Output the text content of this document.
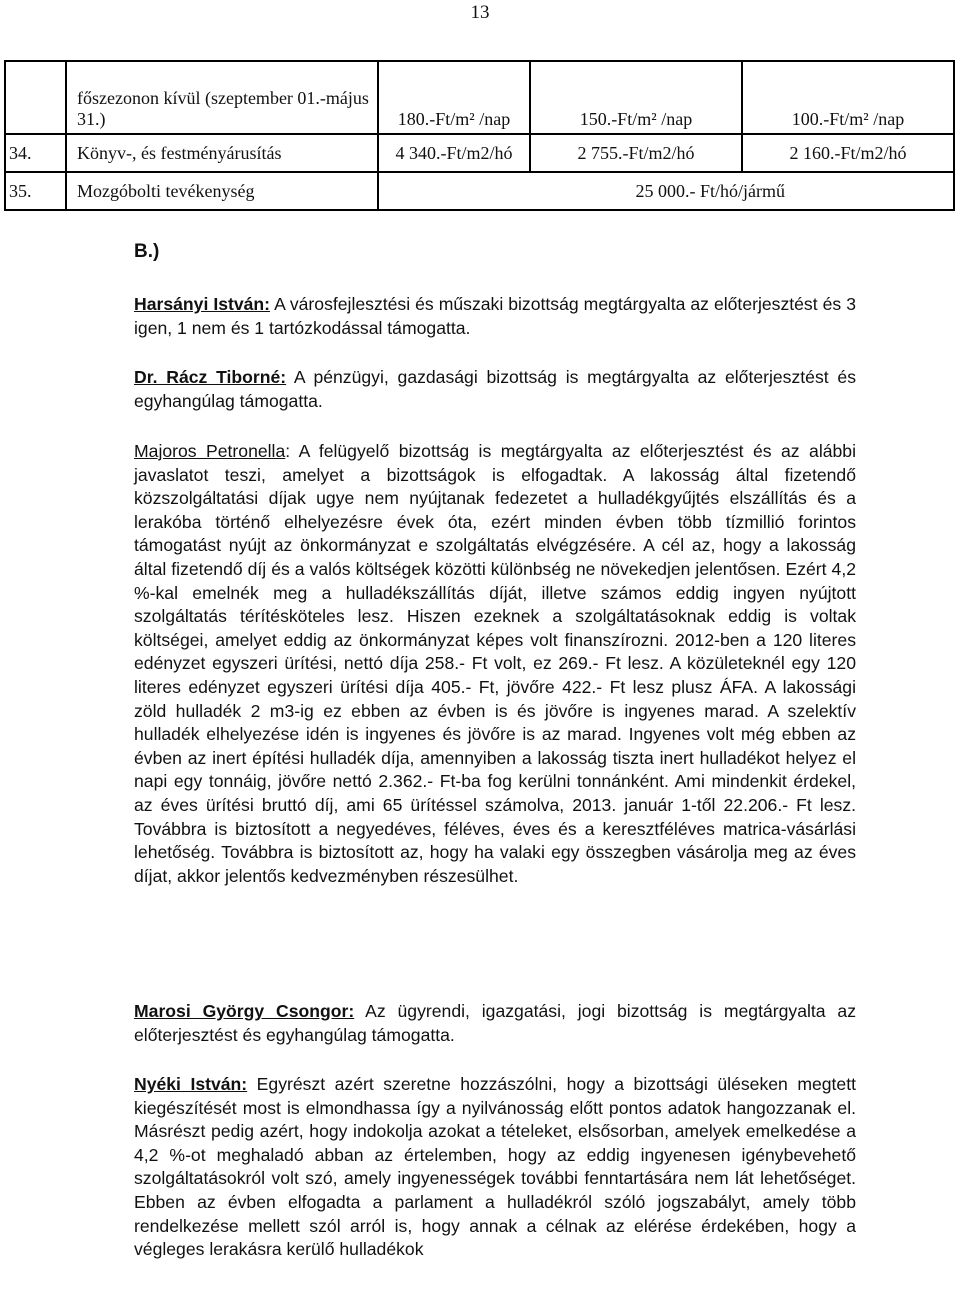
13
	főszezonon kívül (szeptember 01.-május 31.)	180.-Ft/m² /nap	150.-Ft/m² /nap	100.-Ft/m² /nap
34.	Könyv-, és festményárusítás	4 340.-Ft/m2/hó	2 755.-Ft/m2/hó	2 160.-Ft/m2/hó
35.	Mozgóbolti tevékenység	25 000.- Ft/hó/jármű		
B.)
Harsányi István: A városfejlesztési és műszaki bizottság megtárgyalta az előterjesztést és 3 igen, 1 nem és 1 tartózkodással támogatta.
Dr. Rácz Tiborné: A pénzügyi, gazdasági bizottság is megtárgyalta az előterjesztést és egyhangúlag támogatta.
Majoros Petronella: A felügyelő bizottság is megtárgyalta az előterjesztést és az alábbi javaslatot teszi, amelyet a bizottságok is elfogadtak. A lakosság által fizetendő közszolgáltatási díjak ugye nem nyújtanak fedezetet a hulladékgyűjtés elszállítás és a lerakóba történő elhelyezésre évek óta, ezért minden évben több tízmillió forintos támogatást nyújt az önkormányzat e szolgáltatás elvégzésére. A cél az, hogy a lakosság által fizetendő díj és a valós költségek közötti különbség ne növekedjen jelentősen. Ezért 4,2 %-kal emelnék meg a hulladékszállítás díját, illetve számos eddig ingyen nyújtott szolgáltatás térítésköteles lesz. Hiszen ezeknek a szolgáltatásoknak eddig is voltak költségei, amelyet eddig az önkormányzat képes volt finanszírozni. 2012-ben a 120 literes edényzet egyszeri ürítési, nettó díja 258.- Ft volt, ez 269.- Ft lesz. A közületeknél egy 120 literes edényzet egyszeri ürítési díja 405.- Ft, jövőre 422.- Ft lesz plusz ÁFA. A lakossági zöld hulladék 2 m3-ig ez ebben az évben is és jövőre is ingyenes marad. A szelektív hulladék elhelyezése idén is ingyenes és jövőre is az marad. Ingyenes volt még ebben az évben az inert építési hulladék díja, amennyiben a lakosság tiszta inert hulladékot helyez el napi egy tonnáig, jövőre nettó 2.362.- Ft-ba fog kerülni tonnánként. Ami mindenkit érdekel, az éves ürítési bruttó díj, ami 65 ürítéssel számolva, 2013. január 1-től 22.206.- Ft lesz. Továbbra is biztosított a negyedéves, féléves, éves és a keresztféléves matrica-vásárlási lehetőség. Továbbra is biztosított az, hogy ha valaki egy összegben vásárolja meg az éves díjat, akkor jelentős kedvezményben részesülhet.
Marosi György Csongor: Az ügyrendi, igazgatási, jogi bizottság is megtárgyalta az előterjesztést és egyhangúlag támogatta.
Nyéki István: Egyrészt azért szeretne hozzászólni, hogy a bizottsági üléseken megtett kiegészítését most is elmondhassa így a nyilvánosság előtt pontos adatok hangozzanak el. Másrészt pedig azért, hogy indokolja azokat a tételeket, elsősorban, amelyek emelkedése a 4,2 %-ot meghaladó abban az értelemben, hogy az eddig ingyenesen igénybevehető szolgáltatásokról volt szó, amely ingyenességek további fenntartására nem lát lehetőséget. Ebben az évben elfogadta a parlament a hulladékról szóló jogszabályt, amely több rendelkezése mellett szól arról is, hogy annak a célnak az elérése érdekében, hogy a végleges lerakásra kerülő hulladékok
